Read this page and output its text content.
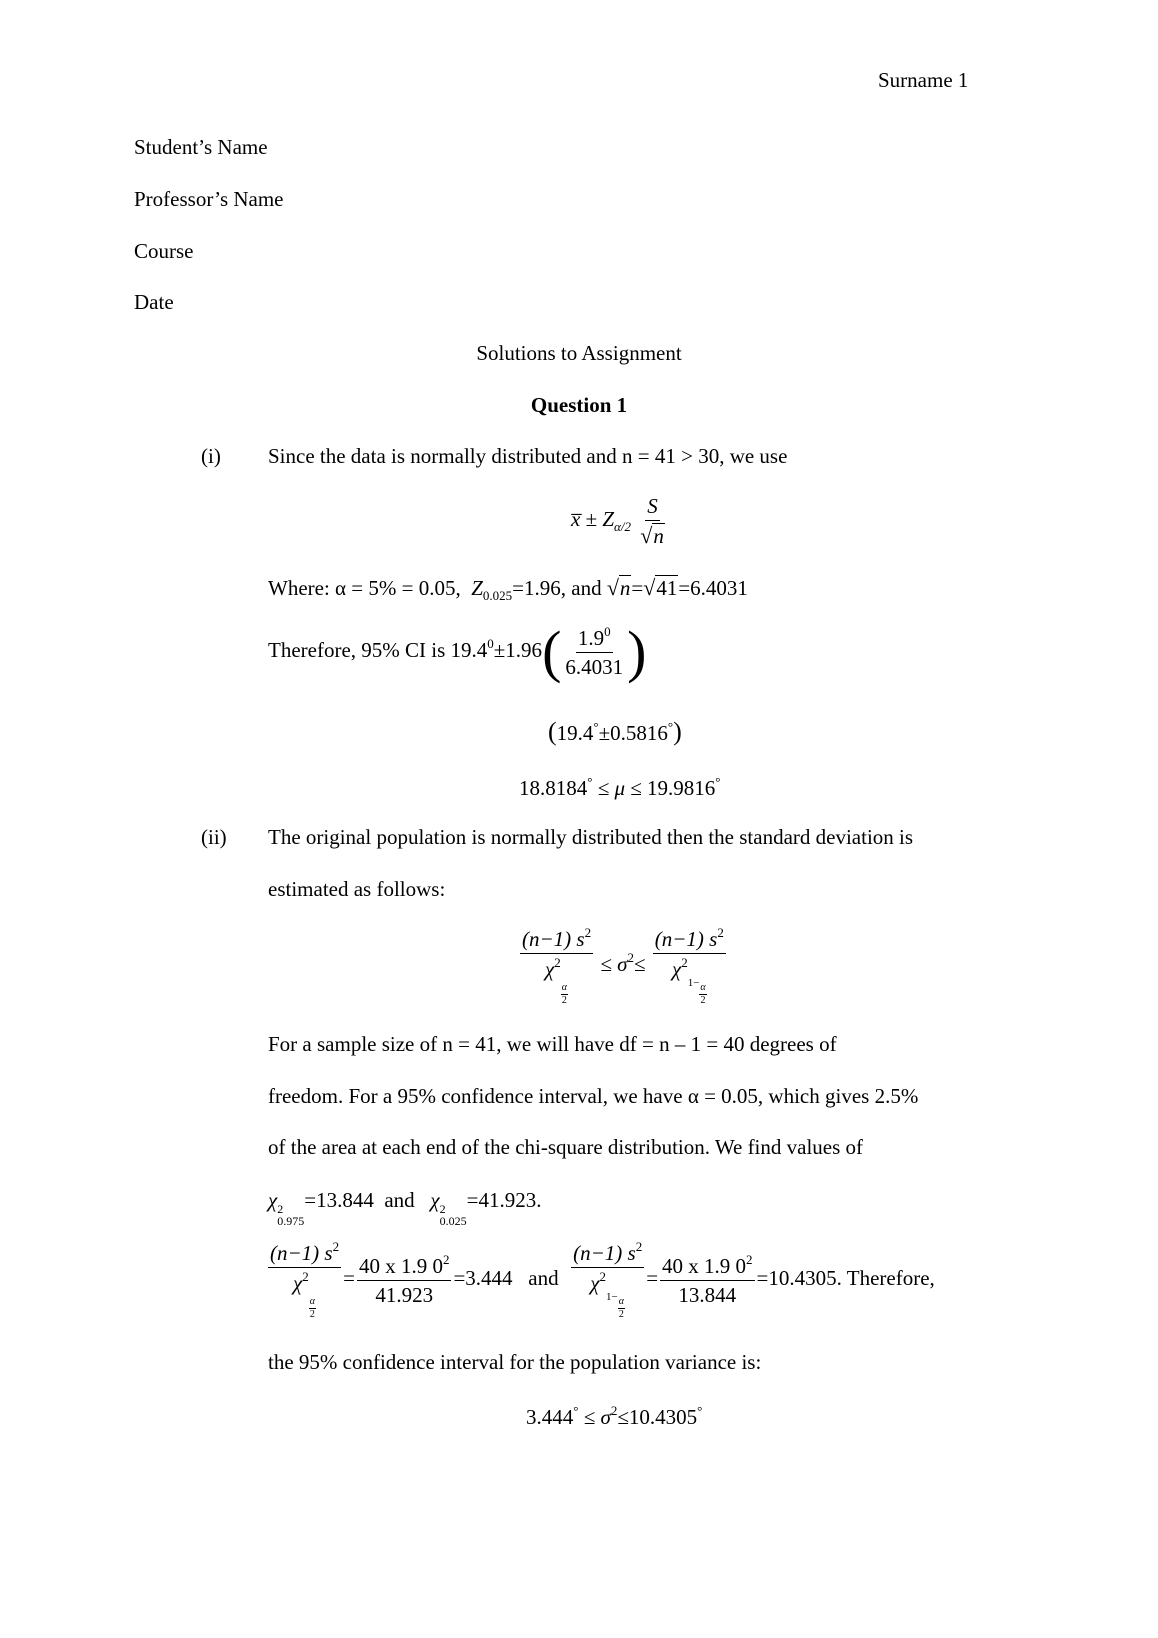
Surname 1
Student’s Name
Professor’s Name
Course
Date
Solutions to Assignment
Question 1
(i) Since the data is normally distributed and n = 41 > 30, we use
x̅ ± $Z_{\alpha/2} \frac{S}{√ n}$
Where: α = 5% = 0.05, $Z_{0.025}=1.96$, and √ n = √ 41 =6.4031
Therefore, 95% CI is $19.4^0\pm 1.96( \frac{1.9^0}{6.4031}$ )
(19.4°±0.5816°)
18.8184° ≤ μ ≤ 19.9816°
(ii) The original population is normally distributed then the standard deviation is
estimated as follows:
(n−1) $s^2$
$\chi^2$
$\frac{\alpha}{2} \le \sigma^2\le \frac{(n-1) s^2}{\chi^2_{1-} \frac{\alpha}{2}}$
For a sample size of n = 41, we will have df = n – 1 = 40 degrees of
freedom. For a 95% confidence interval, we have α = 0.05, which gives 2.5%
of the area at each end of the chi-square distribution. We find values of
χ 2
0.975
=13.844 and χ 2
0.025
=41.923.
(n−1) $s^2$
$\chi^2$
$\frac{\alpha}{2} = \frac{40 x 1.9 0^2}{41.923} =3.444$ and $\frac{(n-1) s^2}{\chi^2_{1-} \frac{\alpha}{2}} = \frac{40 x 1.9 0^2}{13.844} =10.4305$. Therefore,
the 95% confidence interval for the population variance is:
$3.444^\circ \le \sigma^2\le 10.4305^\circ$
